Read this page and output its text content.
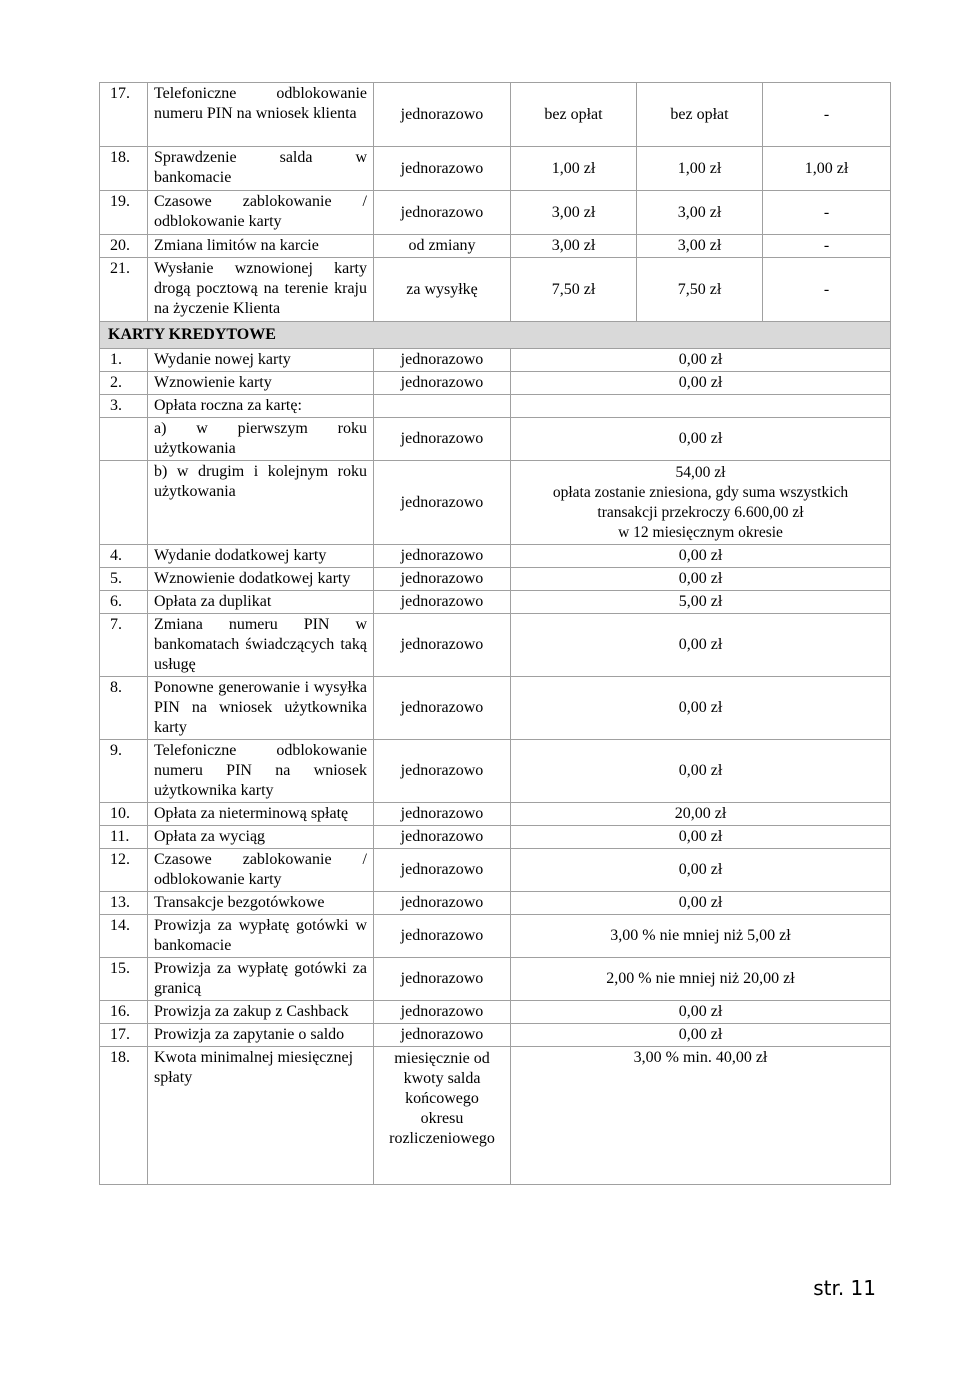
17.	Telefoniczne odblokowanie numeru PIN na wniosek klienta	jednorazowo	bez opłat	bez opłat	-
18.	Sprawdzenie salda w bankomacie	jednorazowo	1,00 zł	1,00 zł	1,00 zł
19.	Czasowe zablokowanie / odblokowanie karty	jednorazowo	3,00 zł	3,00 zł	-
20.	Zmiana limitów na karcie	od zmiany	3,00 zł	3,00 zł	-
21.	Wysłanie wznowionej karty drogą pocztową na terenie kraju na życzenie Klienta	za wysyłkę	7,50 zł	7,50 zł	-
KARTY KREDYTOWE					
1.	Wydanie nowej karty	jednorazowo	0,00 zł		
2.	Wznowienie karty	jednorazowo	0,00 zł		
3.	Opłata roczna za kartę:				
	a) w pierwszym roku użytkowania	jednorazowo	0,00 zł		
	b) w drugim i kolejnym roku użytkowania	jednorazowo	54,00 zł
opłata zostanie zniesiona, gdy suma wszystkich transakcji przekroczy 6.600,00 zł
w 12 miesięcznym okresie		

4.	Wydanie dodatkowej karty	jednorazowo	0,00 zł		
5.	Wznowienie dodatkowej karty	jednorazowo	0,00 zł		
6.	Opłata za duplikat	jednorazowo	5,00 zł		
7.	Zmiana numeru PIN w bankomatach świadczących taką usługę	jednorazowo	0,00 zł		
8.	Ponowne generowanie i wysyłka PIN na wniosek użytkownika karty	jednorazowo	0,00 zł		
9.	Telefoniczne odblokowanie numeru PIN na wniosek użytkownika karty	jednorazowo	0,00 zł		
10.	Opłata za nieterminową spłatę	jednorazowo	20,00 zł		
11.	Opłata za wyciąg	jednorazowo	0,00 zł		
12.	Czasowe zablokowanie / odblokowanie karty	jednorazowo	0,00 zł		
13.	Transakcje bezgotówkowe	jednorazowo	0,00 zł		
14.	Prowizja za wypłatę gotówki w bankomacie	jednorazowo	3,00 % nie mniej niż 5,00 zł		
15.	Prowizja za wypłatę gotówki za granicą	jednorazowo	2,00 % nie mniej niż 20,00 zł		
16.	Prowizja za zakup z Cashback	jednorazowo	0,00 zł		
17.	Prowizja za zapytanie o saldo	jednorazowo	0,00 zł		
18.	Kwota minimalnej miesięcznej spłaty	miesięcznie od kwoty salda końcowego okresu rozliczeniowego	3,00 % min. 40,00 zł		
str. 11
